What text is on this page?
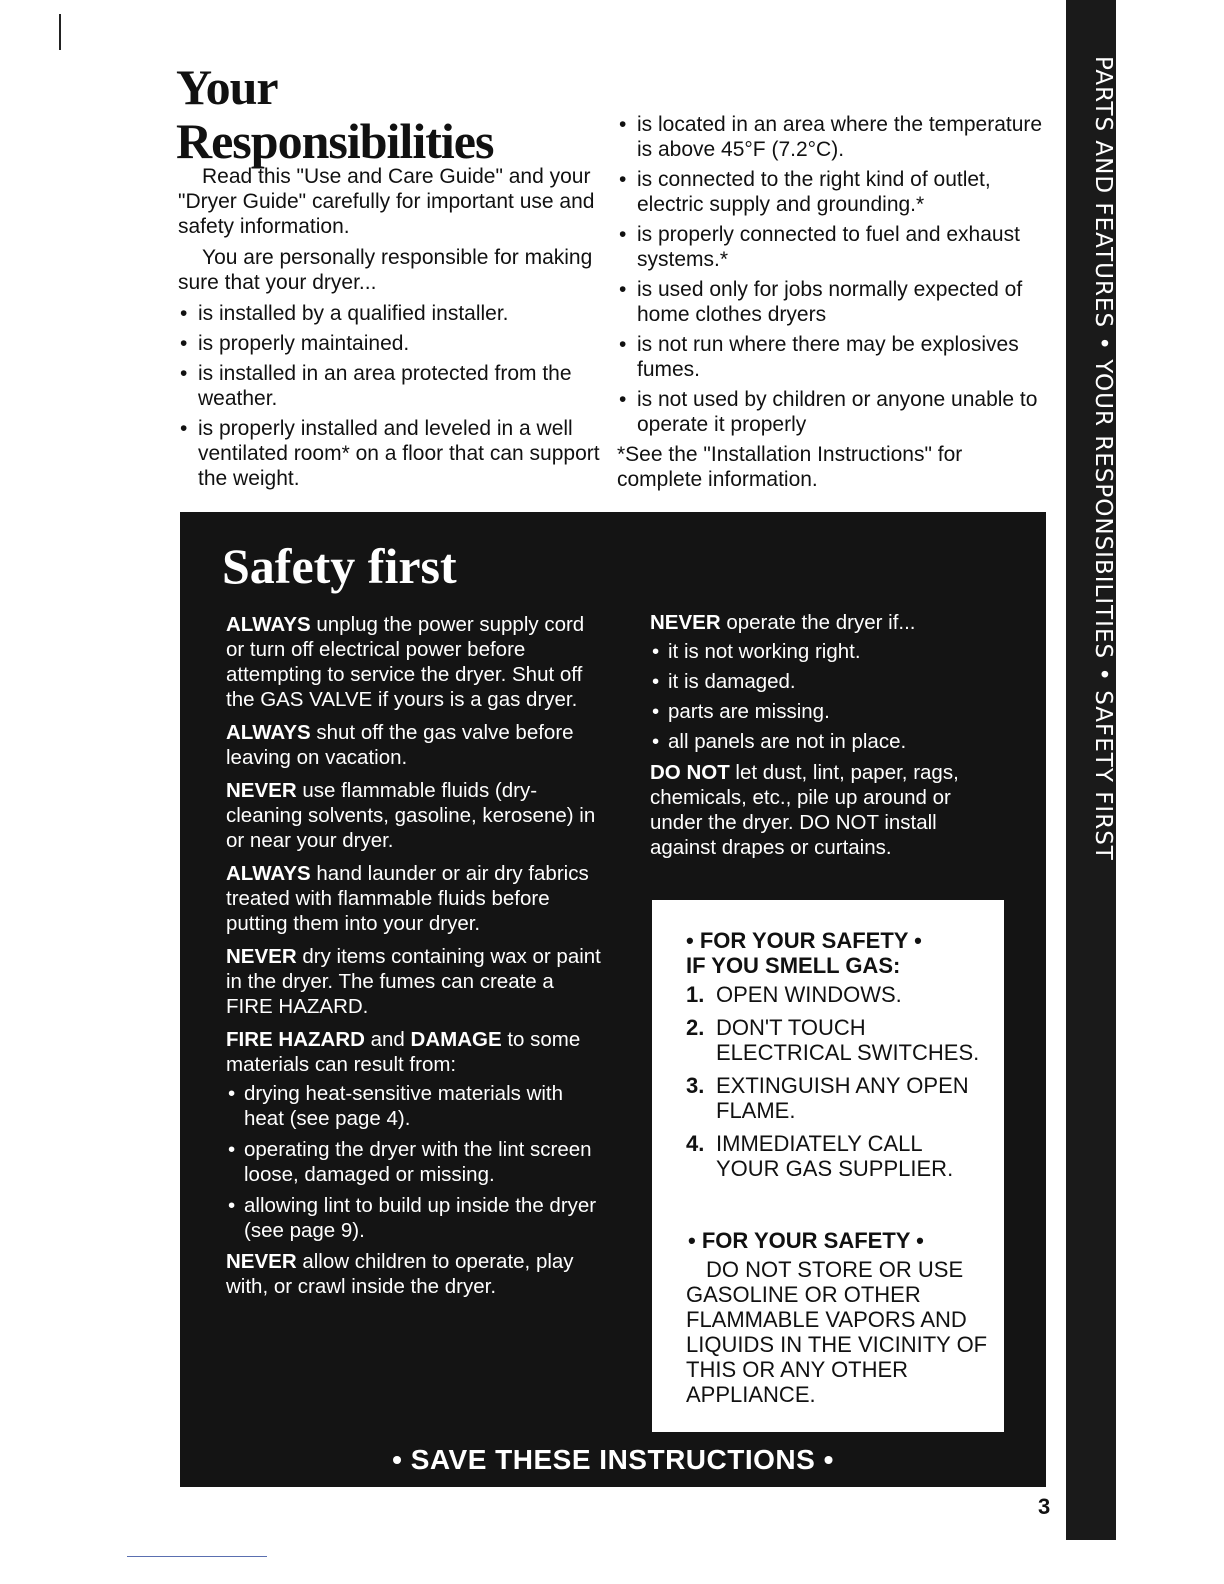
PARTS AND FEATURES • YOUR RESPONSIBILITIES • SAFETY FIRST
Your
Responsibilities

Read this "Use and Care Guide" and your "Dryer Guide" carefully for important use and safety information.

You are personally responsible for making sure that your dryer...

• is installed by a qualified installer.
• is properly maintained.
• is installed in an area protected from the weather.
• is properly installed and leveled in a well ventilated room* on a floor that can support the weight.
• is located in an area where the temperature is above 45°F (7.2°C).
• is connected to the right kind of outlet, electric supply and grounding.*
• is properly connected to fuel and exhaust systems.*
• is used only for jobs normally expected of home clothes dryers
• is not run where there may be explosives fumes.
• is not used by children or anyone unable to operate it properly

*See the "Installation Instructions" for complete information.

Safety first

ALWAYS unplug the power supply cord or turn off electrical power before attempting to service the dryer. Shut off the GAS VALVE if yours is a gas dryer.

ALWAYS shut off the gas valve before leaving on vacation.

NEVER use flammable fluids (dry-cleaning solvents, gasoline, kerosene) in or near your dryer.

ALWAYS hand launder or air dry fabrics treated with flammable fluids before putting them into your dryer.

NEVER dry items containing wax or paint in the dryer. The fumes can create a FIRE HAZARD.

FIRE HAZARD and DAMAGE to some materials can result from:

• drying heat-sensitive materials with heat (see page 4).
• operating the dryer with the lint screen loose, damaged or missing.
• allowing lint to build up inside the dryer (see page 9).

NEVER allow children to operate, play with, or crawl inside the dryer.

NEVER operate the dryer if...

• it is not working right.
• it is damaged.
• parts are missing.
• all panels are not in place.

DO NOT let dust, lint, paper, rags, chemicals, etc., pile up around or under the dryer. DO NOT install against drapes or curtains.

• FOR YOUR SAFETY •

IF YOU SMELL GAS:

1. OPEN WINDOWS.
2. DON'T TOUCH ELECTRICAL SWITCHES.
3. EXTINGUISH ANY OPEN FLAME.
4. IMMEDIATELY CALL YOUR GAS SUPPLIER.

• FOR YOUR SAFETY •

DO NOT STORE OR USE
GASOLINE OR OTHER FLAMMABLE VAPORS AND LIQUIDS IN THE VICINITY OF THIS OR ANY OTHER APPLIANCE.

• SAVE THESE INSTRUCTIONS •
3
